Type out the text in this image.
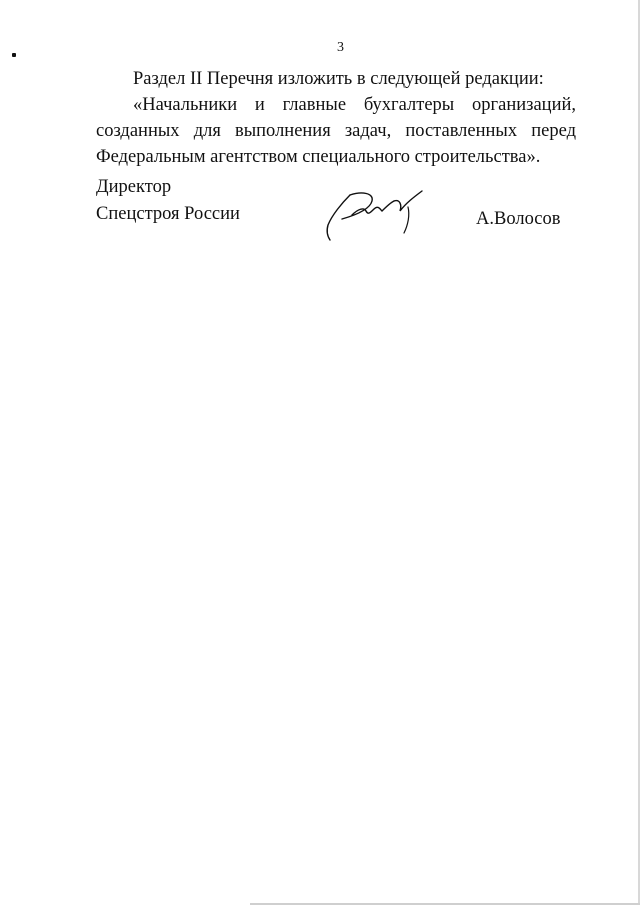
3

Раздел II Перечня изложить в следующей редакции:

«Начальники и главные бухгалтеры организаций, созданных для выполнения задач, поставленных перед Федеральным агентством специального строительства».

Директор
Спецстроя России	А.Волосов
